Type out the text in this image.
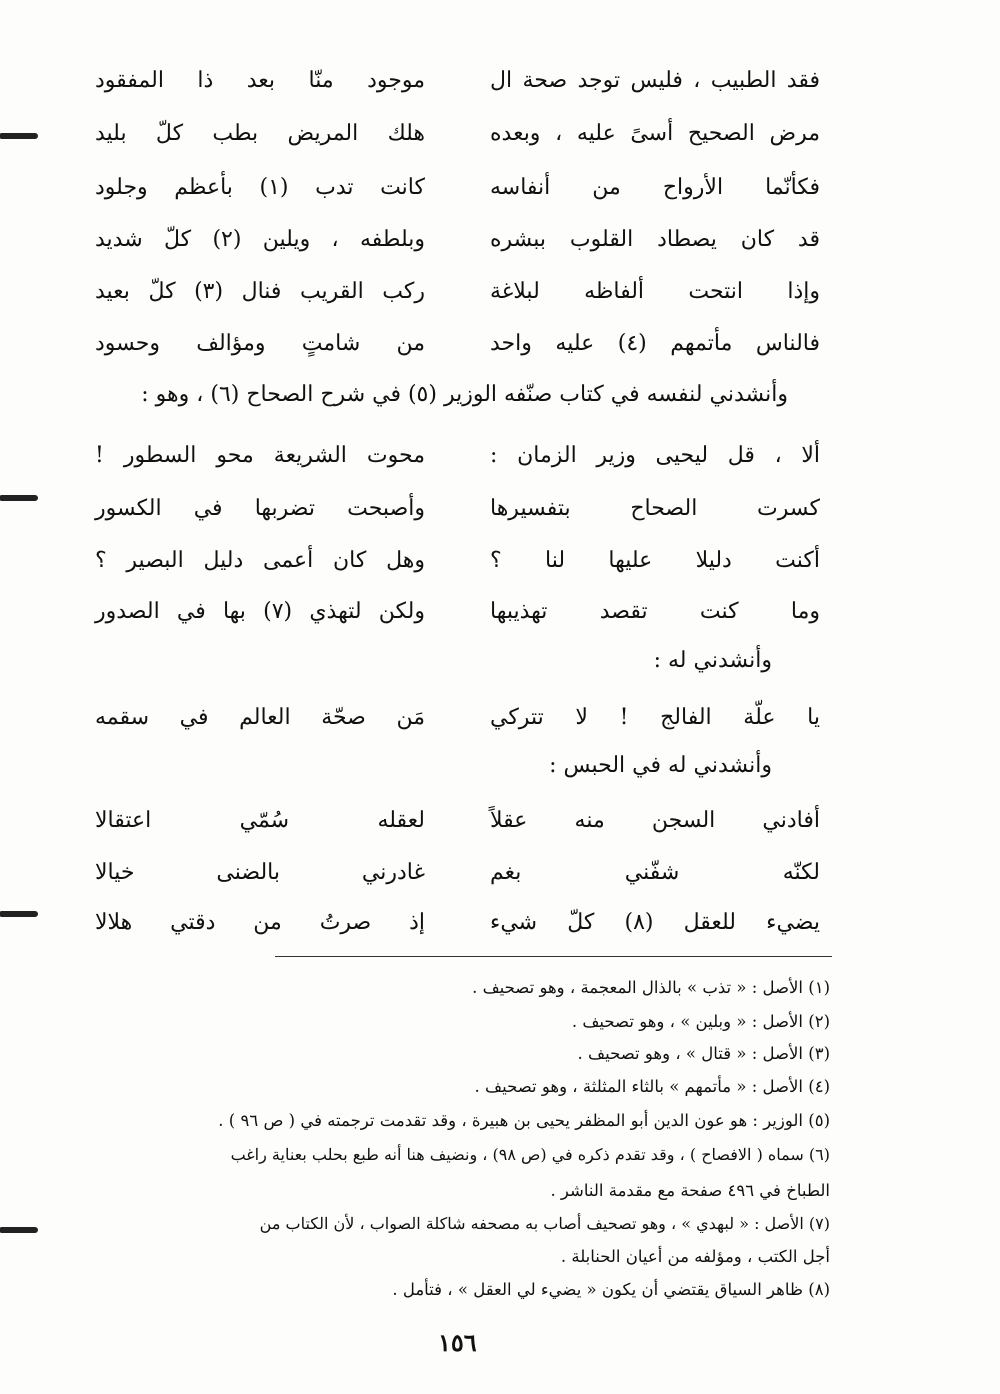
فقد الطبيب ، فليس توجد صحة ال
موجود منّا بعد ذا المفقود
مرض الصحيح أسىً عليه ، وبعده
هلك المريض بطب كلّ بليد
فكأنّما الأرواح من أنفاسه
كانت تدب (١) بأعظم وجلود
قد كان يصطاد القلوب ببشره
وبلطفه ، ويلين (٢) كلّ شديد
وإذا انتحت ألفاظه لبلاغة
ركب القريب فنال (٣) كلّ بعيد
فالناس مأتمهم (٤) عليه واحد
من شامتٍ ومؤالف وحسود
وأنشدني لنفسه في كتاب صنّفه الوزير (٥) في شرح الصحاح (٦) ، وهو :
ألا ، قل ليحيى وزير الزمان :
محوت الشريعة محو السطور !
كسرت الصحاح بتفسيرها
وأصبحت تضربها في الكسور
أكنت دليلا عليها لنا ؟
وهل كان أعمى دليل البصير ؟
وما كنت تقصد تهذيبها
ولكن لتهذي (٧) بها في الصدور
وأنشدني له :
يا علّة الفالج ! لا تتركي
مَن صحّة العالم في سقمه
وأنشدني له في الحبس :
أفادني السجن منه عقلاً
لعقله سُمّي اعتقالا
لكنّه شفّني بغم
غادرني بالضنى خيالا
يضيء للعقل (٨) كلّ شيء
إذ صرتُ من دقتي هلالا
(١) الأصل : « تذب » بالذال المعجمة ، وهو تصحيف .
(٢) الأصل : « وبلين » ، وهو تصحيف .
(٣) الأصل : « قتال » ، وهو تصحيف .
(٤) الأصل : « مأتمهم » بالثاء المثلثة ، وهو تصحيف .
(٥) الوزير : هو عون الدين أبو المظفر يحيى بن هبيرة ، وقد تقدمت ترجمته في ( ص ٩٦ ) .
(٦) سماه ( الافصاح ) ، وقد تقدم ذكره في (ص ٩٨) ، ونضيف هنا أنه طبع بحلب بعناية راغب
الطباخ في ٤٩٦ صفحة مع مقدمة الناشر .
(٧) الأصل : « لبهدي » ، وهو تصحيف أصاب به مصحفه شاكلة الصواب ، لأن الكتاب من
أجل الكتب ، ومؤلفه من أعيان الحنابلة .
(٨) ظاهر السياق يقتضي أن يكون « يضيء لي العقل » ، فتأمل .
١٥٦
